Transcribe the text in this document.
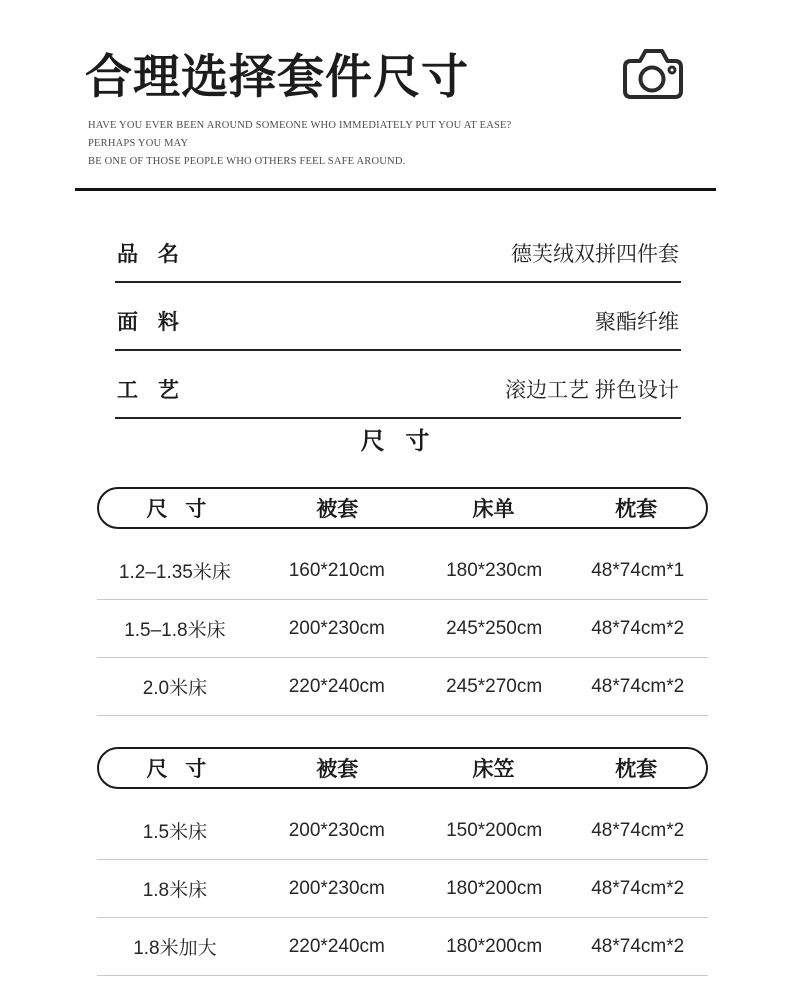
合理选择套件尺寸

HAVE YOU EVER BEEN AROUND SOMEONE WHO IMMEDIATELY PUT YOU AT EASE? PERHAPS YOU MAY
BE ONE OF THOSE PEOPLE WHO OTHERS FEEL SAFE AROUND.

品 名	德芙绒双拼四件套
面 料	聚酯纤维
工 艺	滚边工艺 拼色设计
尺 寸
尺 寸	被套	床单	枕套
1.2–1.35米床	160*210cm	180*230cm	48*74cm*1
1.5–1.8米床	200*230cm	245*250cm	48*74cm*2
2.0米床	220*240cm	245*270cm	48*74cm*2
尺 寸	被套	床笠	枕套
1.5米床	200*230cm	150*200cm	48*74cm*2
1.8米床	200*230cm	180*200cm	48*74cm*2
1.8米加大	220*240cm	180*200cm	48*74cm*2
